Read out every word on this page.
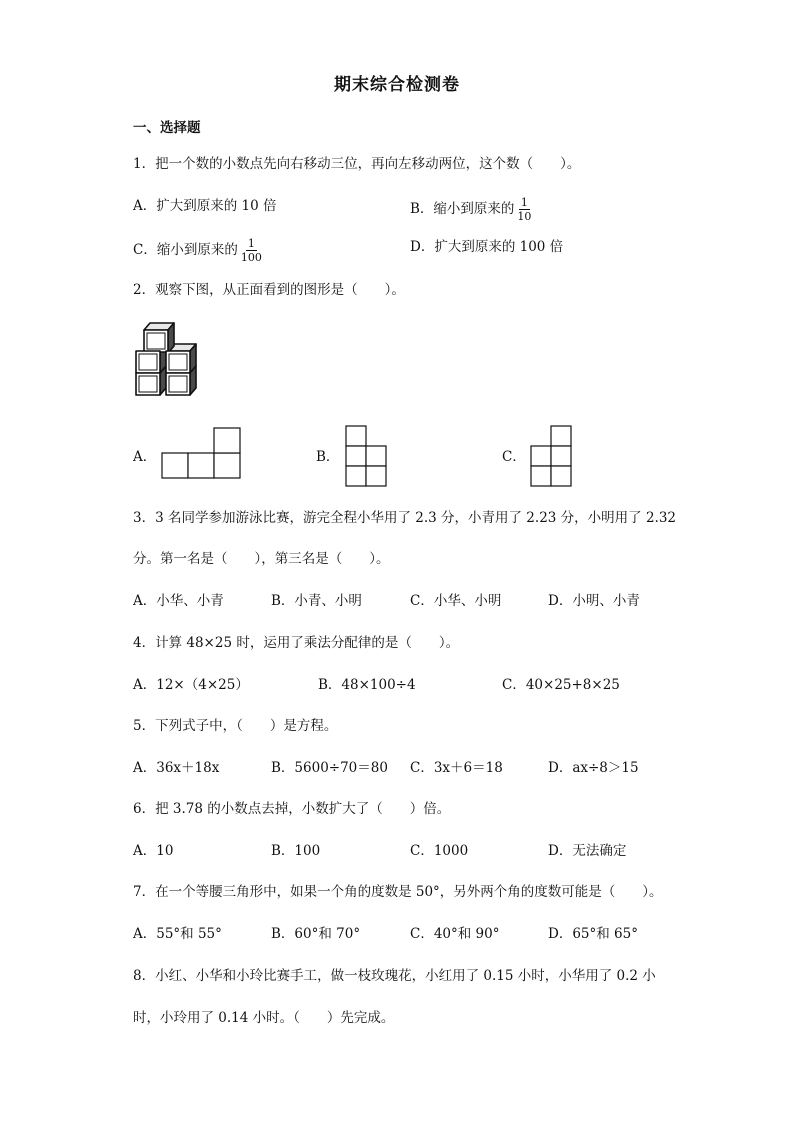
期末综合检测卷
一、选择题
1．把一个数的小数点先向右移动三位，再向左移动两位，这个数（　　）。
A．扩大到原来的 10 倍	B．缩小到原来的 $\frac{1}{10}$
C．缩小到原来的 $\frac{1}{100}$	D．扩大到原来的 100 倍
2．观察下图，从正面看到的图形是（　　）。
A．	B．	C．
3．3 名同学参加游泳比赛，游完全程小华用了 2.3 分，小青用了 2.23 分，小明用了 2.32
分。第一名是（　　），第三名是（　　）。
A．小华、小青	B．小青、小明	C．小华、小明	D．小明、小青
4．计算 48×25 时，运用了乘法分配律的是（　　）。
A．12×（4×25）	B．48×100÷4	C．40×25+8×25
5．下列式子中，（　　）是方程。
A．36x＋18x	B．5600÷70＝80 C．3x＋6＝18	D．ax÷8＞15
6．把 3.78 的小数点去掉，小数扩大了（　　）倍。
A．10	B．100	C．1000	D．无法确定
7．在一个等腰三角形中，如果一个角的度数是 50°，另外两个角的度数可能是（　　）。
A．55°和 55°	B．60°和 70°	C．40°和 90°	D．65°和 65°
8．小红、小华和小玲比赛手工，做一枝玫瑰花，小红用了 0.15 小时，小华用了 0.2 小
时，小玲用了 0.14 小时。（　　）先完成。
